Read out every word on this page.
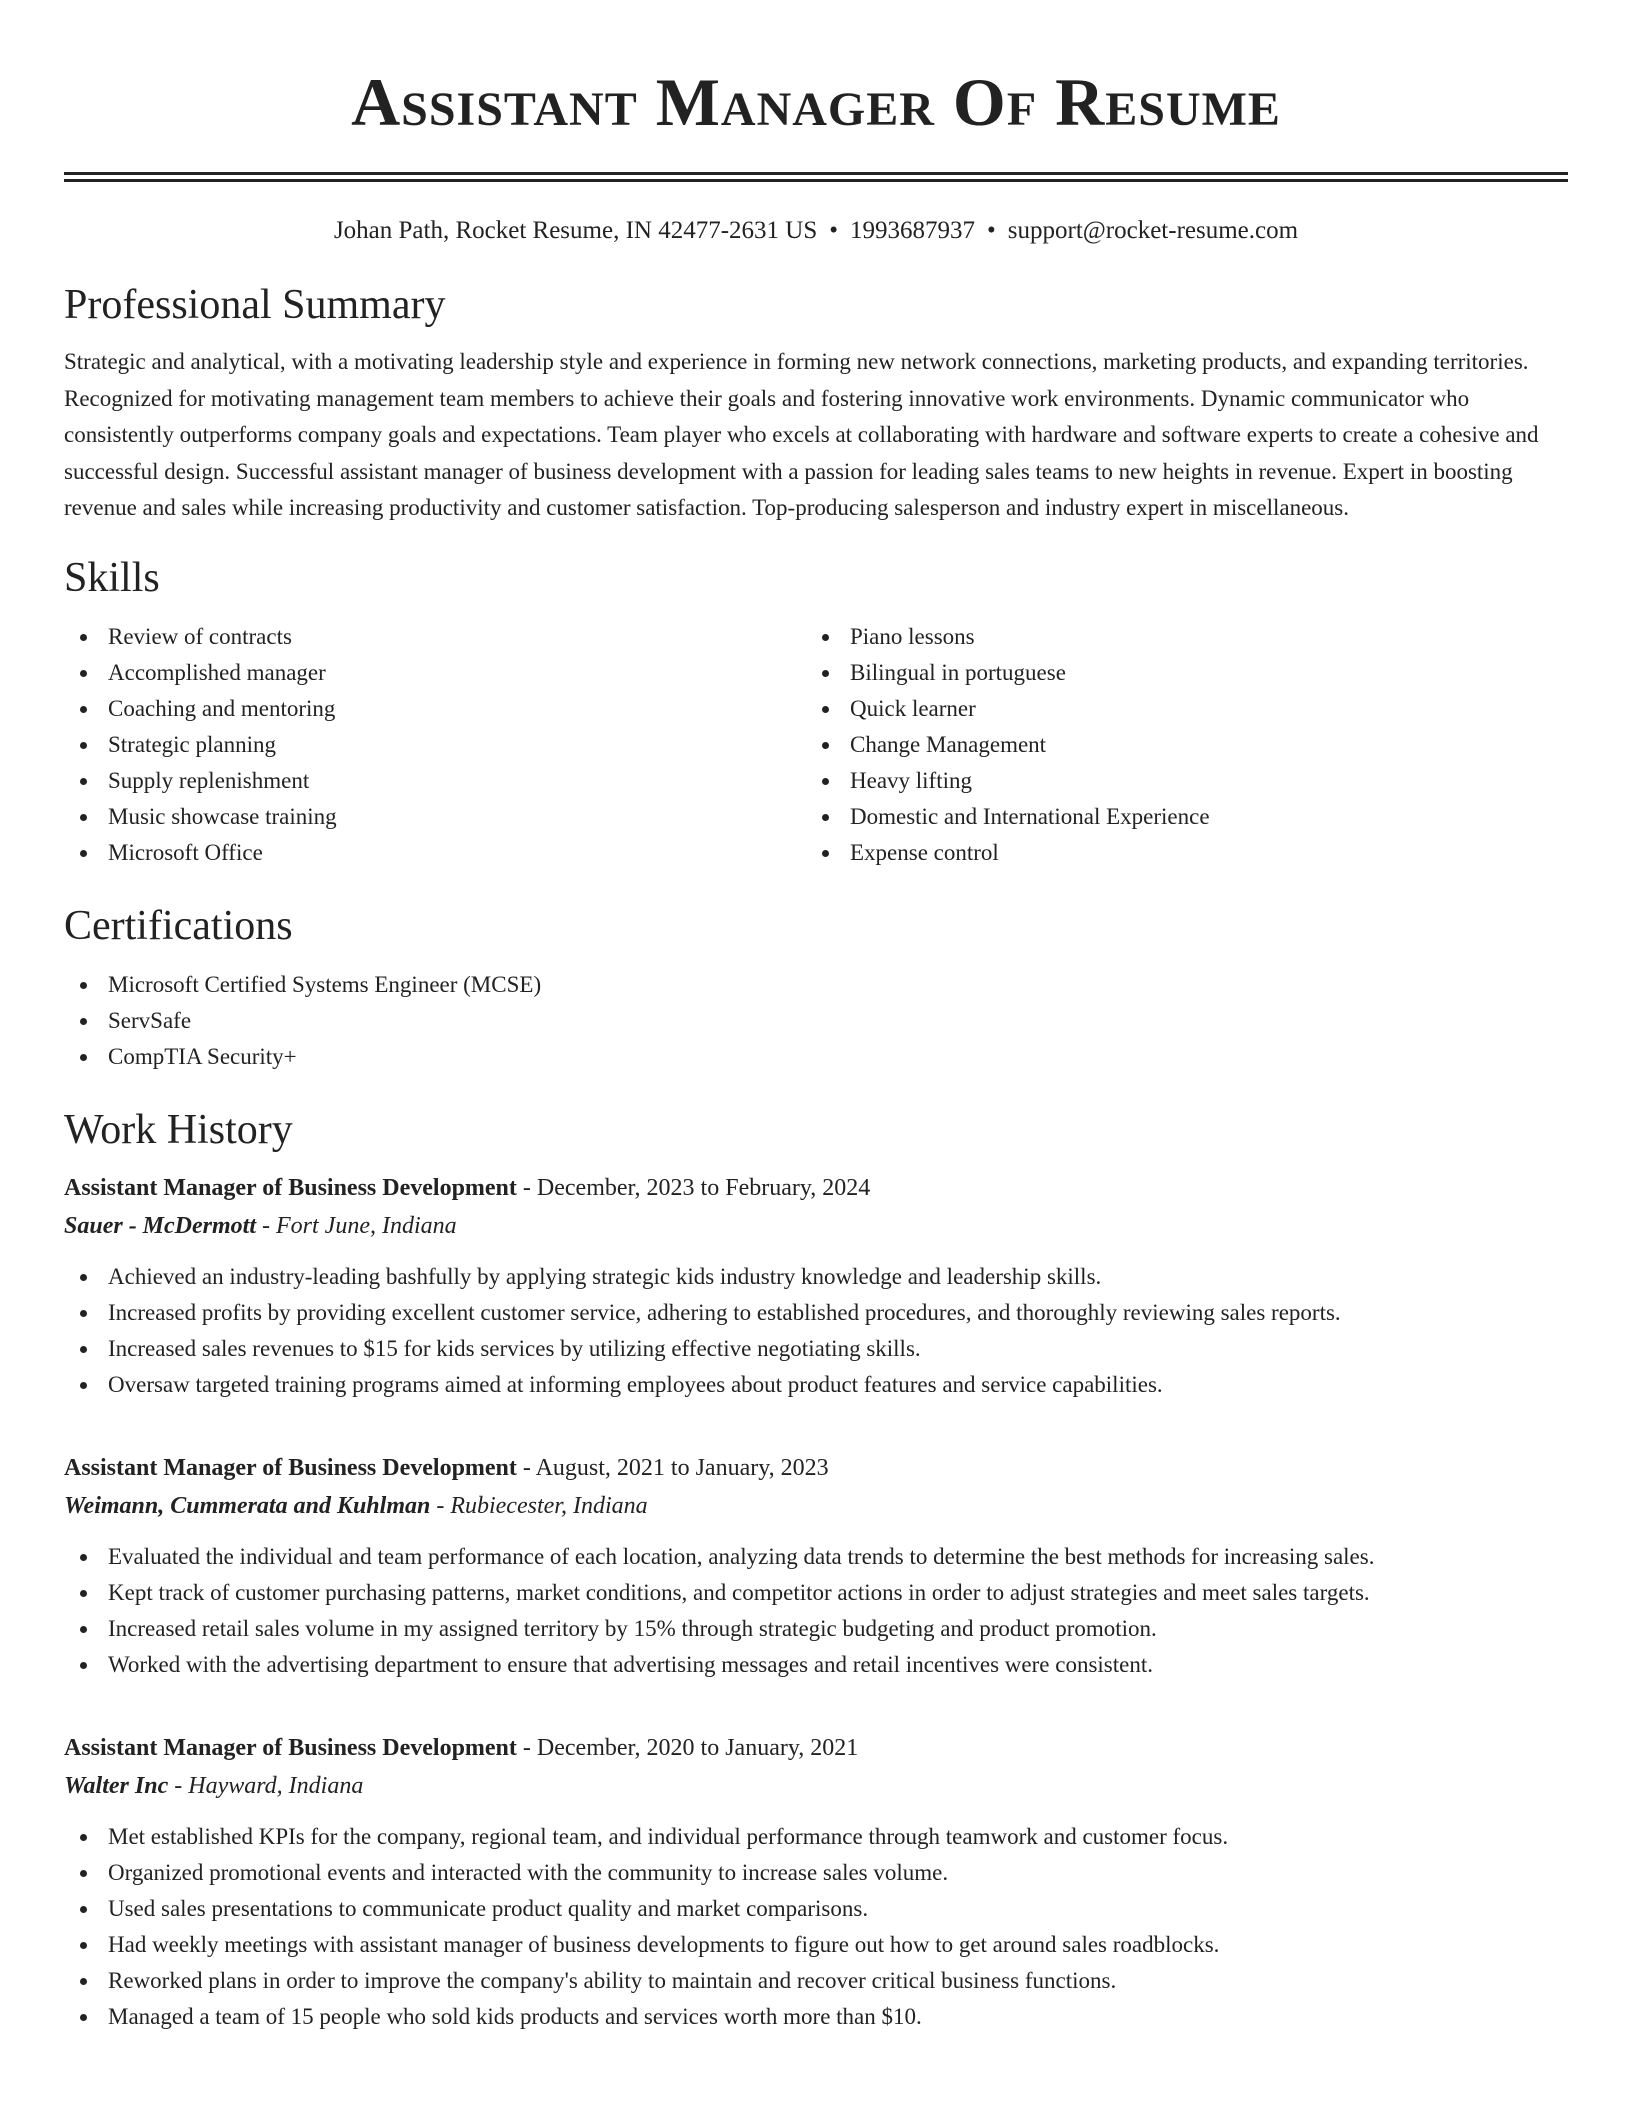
Assistant Manager Of Resume
Johan Path, Rocket Resume, IN 42477-2631 US • 1993687937 • support@rocket-resume.com
Professional Summary

Strategic and analytical, with a motivating leadership style and experience in forming new network connections, marketing products, and expanding territories. Recognized for motivating management team members to achieve their goals and fostering innovative work environments. Dynamic communicator who consistently outperforms company goals and expectations. Team player who excels at collaborating with hardware and software experts to create a cohesive and successful design. Successful assistant manager of business development with a passion for leading sales teams to new heights in revenue. Expert in boosting revenue and sales while increasing productivity and customer satisfaction. Top-producing salesperson and industry expert in miscellaneous.

Skills
Review of contracts
Accomplished manager
Coaching and mentoring
Strategic planning
Supply replenishment
Music showcase training
Microsoft Office
Piano lessons
Bilingual in portuguese
Quick learner
Change Management
Heavy lifting
Domestic and International Experience
Expense control
Certifications
Microsoft Certified Systems Engineer (MCSE)
ServSafe
CompTIA Security+
Work History
Assistant Manager of Business Development - December, 2023 to February, 2024
Sauer - McDermott - Fort June, Indiana
Achieved an industry-leading bashfully by applying strategic kids industry knowledge and leadership skills.
Increased profits by providing excellent customer service, adhering to established procedures, and thoroughly reviewing sales reports.
Increased sales revenues to $15 for kids services by utilizing effective negotiating skills.
Oversaw targeted training programs aimed at informing employees about product features and service capabilities.
Assistant Manager of Business Development - August, 2021 to January, 2023
Weimann, Cummerata and Kuhlman - Rubiecester, Indiana
Evaluated the individual and team performance of each location, analyzing data trends to determine the best methods for increasing sales.
Kept track of customer purchasing patterns, market conditions, and competitor actions in order to adjust strategies and meet sales targets.
Increased retail sales volume in my assigned territory by 15% through strategic budgeting and product promotion.
Worked with the advertising department to ensure that advertising messages and retail incentives were consistent.
Assistant Manager of Business Development - December, 2020 to January, 2021
Walter Inc - Hayward, Indiana
Met established KPIs for the company, regional team, and individual performance through teamwork and customer focus.
Organized promotional events and interacted with the community to increase sales volume.
Used sales presentations to communicate product quality and market comparisons.
Had weekly meetings with assistant manager of business developments to figure out how to get around sales roadblocks.
Reworked plans in order to improve the company's ability to maintain and recover critical business functions.
Managed a team of 15 people who sold kids products and services worth more than $10.
